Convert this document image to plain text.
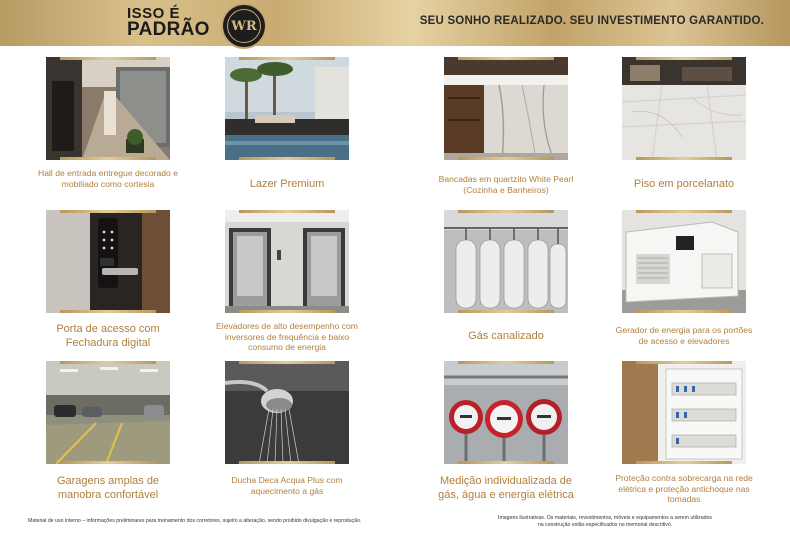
ISSO É
PADRÃO	WR	SEU SONHO REALIZADO. SEU INVESTIMENTO GARANTIDO.
Hall de entrada entregue decorado e mobiliado como cortesia	Lazer Premium	Bancadas em quartzito White Pearl (Cozinha e Banheiros)	Piso em porcelanato
Porta de acesso com Fechadura digital
Elevadores de alto desempenho com inversores de frequência e baixo consumo de energia
Gás canalizado	Gerador de energia para os portões de acesso e elevadores
Garagens amplas de manobra confortável
Ducha Deca Acqua Plus com aquecimento a gás
Medição individualizada de gás, água e energia elétrica
Proteção contra sobrecarga na rede elétrica e proteção antichoque nas tomadas
Material de uso interno – informações preliminares para treinamento dos corretores, sujeito a alteração, sendo proibido divulgação e reprodução.	Imagens ilustrativas. Os materiais, revestimentos, móveis e equipamentos a serem utilizados
na construção estão especificados no memorial descritivo.
